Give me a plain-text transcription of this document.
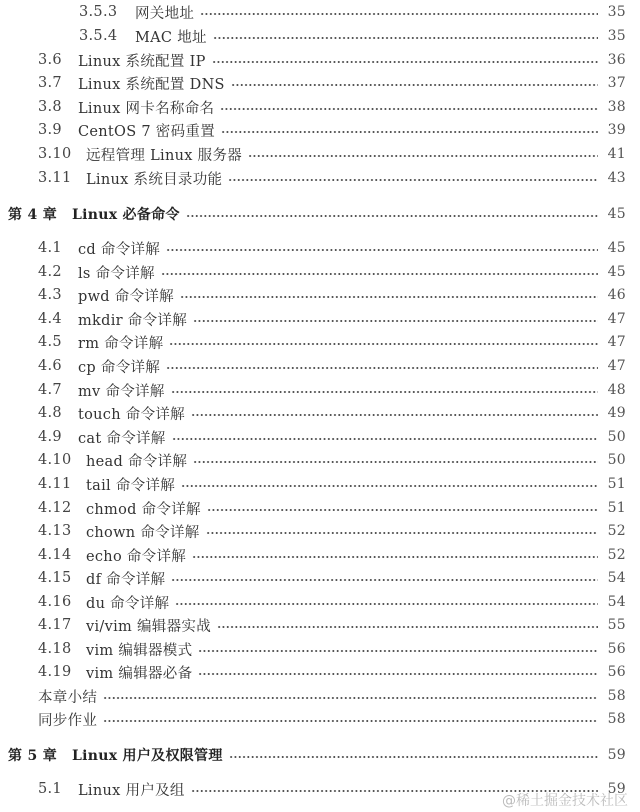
3.5.3 网关地址	35
3.5.4 MAC 地址	35
3.6 Linux 系统配置 IP	36
3.7 Linux 系统配置 DNS	37
3.8 Linux 网卡名称命名	38
3.9 CentOS 7 密码重置	39
3.10 远程管理 Linux 服务器	41
3.11 Linux 系统目录功能	43
第 4 章 Linux 必备命令	45
4.1 cd 命令详解	45
4.2 ls 命令详解	45
4.3 pwd 命令详解	46
4.4 mkdir 命令详解	47
4.5 rm 命令详解	47
4.6 cp 命令详解	47
4.7 mv 命令详解	48
4.8 touch 命令详解	49
4.9 cat 命令详解	50
4.10 head 命令详解	50
4.11 tail 命令详解	51
4.12 chmod 命令详解	51
4.13 chown 命令详解	52
4.14 echo 命令详解	52
4.15 df 命令详解	54
4.16 du 命令详解	54
4.17 vi/vim 编辑器实战	55
4.18 vim 编辑器模式	56
4.19 vim 编辑器必备	56
本章小结	58
同步作业	58
第 5 章 Linux 用户及权限管理	59
5.1 Linux 用户及组	59
@稀土掘金技术社区
